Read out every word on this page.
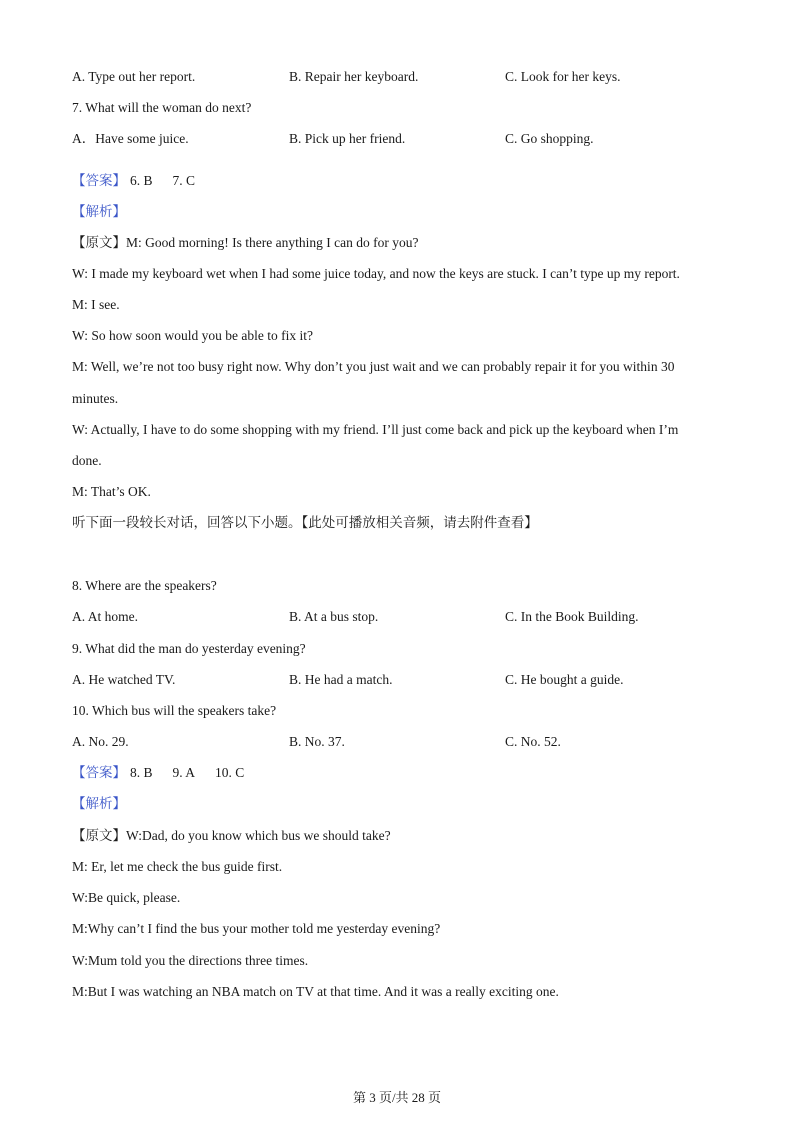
A. Type out her report.	B. Repair her keyboard.	C. Look for her keys.
7. What will the woman do next?
A．Have some juice.	B. Pick up her friend.	C. Go shopping.
【答案】 6. B 7. C
【解析】
【原文】M: Good morning! Is there anything I can do for you?
W: I made my keyboard wet when I had some juice today, and now the keys are stuck. I can’t type up my report.
M: I see.
W: So how soon would you be able to fix it?
M: Well, we’re not too busy right now. Why don’t you just wait and we can probably repair it for you within 30
minutes.
W: Actually, I have to do some shopping with my friend. I’ll just come back and pick up the keyboard when I’m
done.
M: That’s OK.
听下面一段较长对话，回答以下小题。【此处可播放相关音频，请去附件查看】
8. Where are the speakers?
A. At home.	B. At a bus stop.	C. In the Book Building.
9. What did the man do yesterday evening?
A. He watched TV.	B. He had a match.	C. He bought a guide.
10. Which bus will the speakers take?
A. No. 29.	B. No. 37.	C. No. 52.
【答案】 8. B 9. A 10. C
【解析】
【原文】W:Dad, do you know which bus we should take?
M: Er, let me check the bus guide first.
W:Be quick, please.
M:Why can’t I find the bus your mother told me yesterday evening?
W:Mum told you the directions three times.
M:But I was watching an NBA match on TV at that time. And it was a really exciting one.
第 3 页/共 28 页
